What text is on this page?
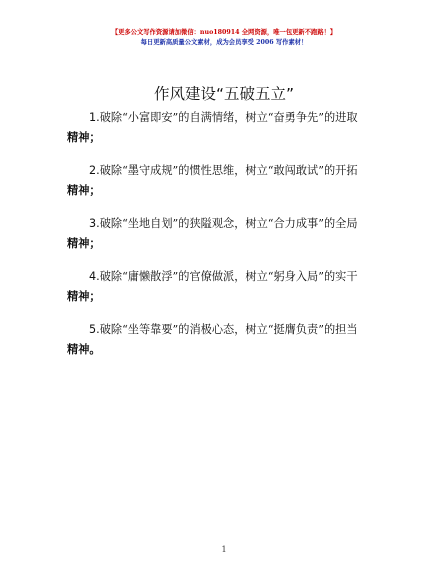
【更多公文写作资源请加微信：nuo180914 全网资源，唯一包更新不跑路！】
每日更新高质量公文素材，成为会员享受 2006 写作素材！
作风建设“五破五立”
1.破除“小富即安”的自满情绪，树立“奋勇争先”的进取
精神；
2.破除“墨守成规”的惯性思维，树立“敢闯敢试”的开拓
精神；
3.破除“坐地自划”的狭隘观念，树立“合力成事”的全局
精神；
4.破除“庸懒散浮”的官僚做派，树立“躬身入局”的实干
精神；
5.破除“坐等靠要”的消极心态，树立“挺膺负责”的担当
精神。
1
